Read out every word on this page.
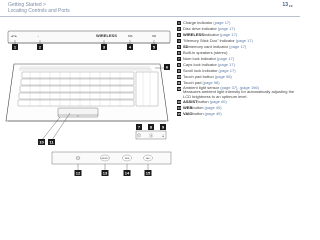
13 ▸▸
Getting Started >
Locating Controls and Ports
◂▭▸	♁	WIRELESS	MS	SD
1	2	3	4	5
6
7 8 9
⓵ Ⓐ ⇣
10 11
ASSIST	WEB	VAIO
12	13	14	15
1 Charge indicator (page 17)
2 Disc drive indicator (page 17)
3 WIRELESS indicator (page 17)
4 "Memory Stick Duo" indicator (page 17)
5 SD memory card indicator (page 17)
6 Built-in speakers (stereo)
7 Num lock indicator (page 17)
8 Caps lock indicator (page 17)
9 Scroll lock indicator (page 17)
10 Touch pad button (page 98)
11 Touch pad (page 98)
12 Ambient light sensor(page 37), (page 196)
Measures ambient light intensity for automatically adjusting the LCD brightness to an optimum level.
13 ASSIST button (page 40)
14 WEB button (page 40)
15 VAIO button (page 40)
